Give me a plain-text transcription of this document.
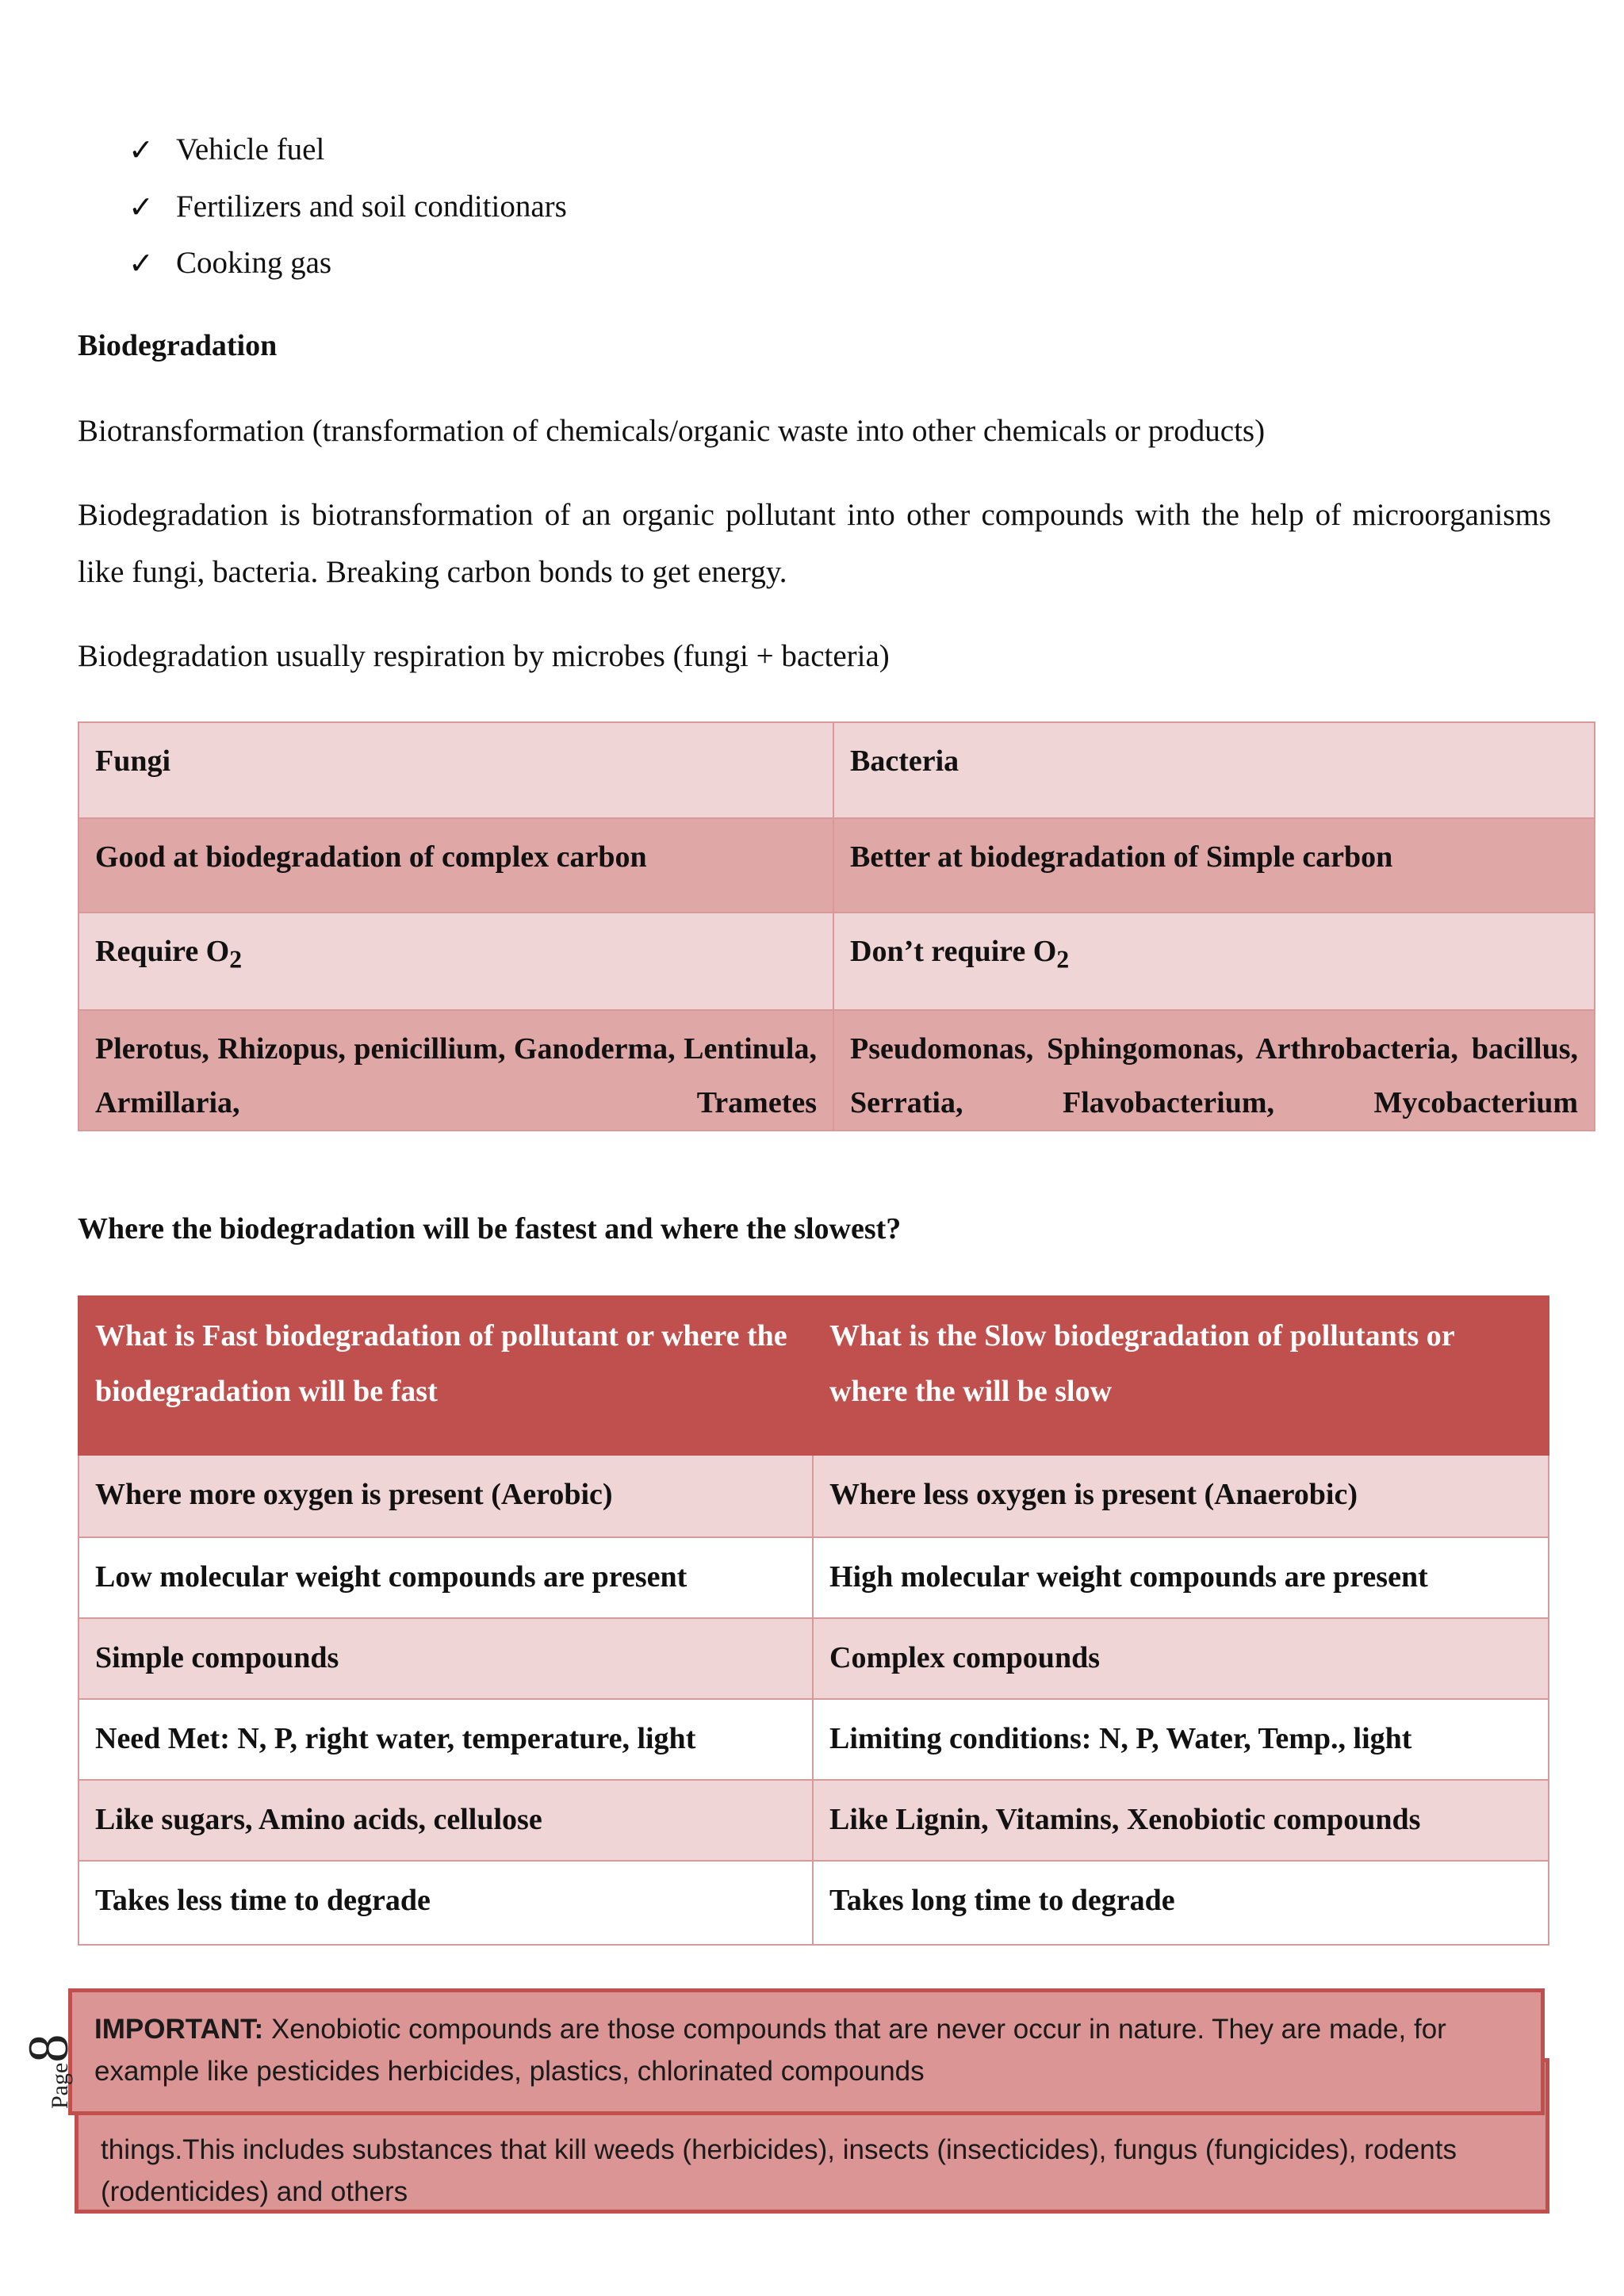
✓ Vehicle fuel
✓ Fertilizers and soil conditionars
✓ Cooking gas
Biodegradation
Biotransformation (transformation of chemicals/organic waste into other chemicals or products)
Biodegradation is biotransformation of an organic pollutant into other compounds with the help of microorganisms like fungi, bacteria. Breaking carbon bonds to get energy.
Biodegradation usually respiration by microbes (fungi + bacteria)
Fungi	Bacteria
Good at biodegradation of complex carbon	Better at biodegradation of Simple carbon
Require $O_2$	Don’t require $O_2$
Plerotus, Rhizopus, penicillium, Ganoderma, Lentinula, Armillaria, Trametes	Pseudomonas, Sphingomonas, Arthrobacteria, bacillus, Serratia, Flavobacterium, Mycobacterium
Where the biodegradation will be fastest and where the slowest?
What is Fast biodegradation of pollutant or where the biodegradation will be fast	What is the Slow biodegradation of pollutants or where the will be slow
Where more oxygen is present (Aerobic)	Where less oxygen is present (Anaerobic)
Low molecular weight compounds are present	High molecular weight compounds are present
Simple compounds	Complex compounds
Need Met: N, P, right water, temperature, light	Limiting conditions: N, P, Water, Temp., light
Like sugars, Amino acids, cellulose	Like Lignin, Vitamins, Xenobiotic compounds
Takes less time to degrade	Takes long time to degrade
things.This includes substances that kill weeds (herbicides), insects (insecticides), fungus (fungicides), rodents (rodenticides) and others
IMPORTANT: Xenobiotic compounds are those compounds that are never occur in nature. They are made, for example like pesticides herbicides, plastics, chlorinated compounds
Page8
